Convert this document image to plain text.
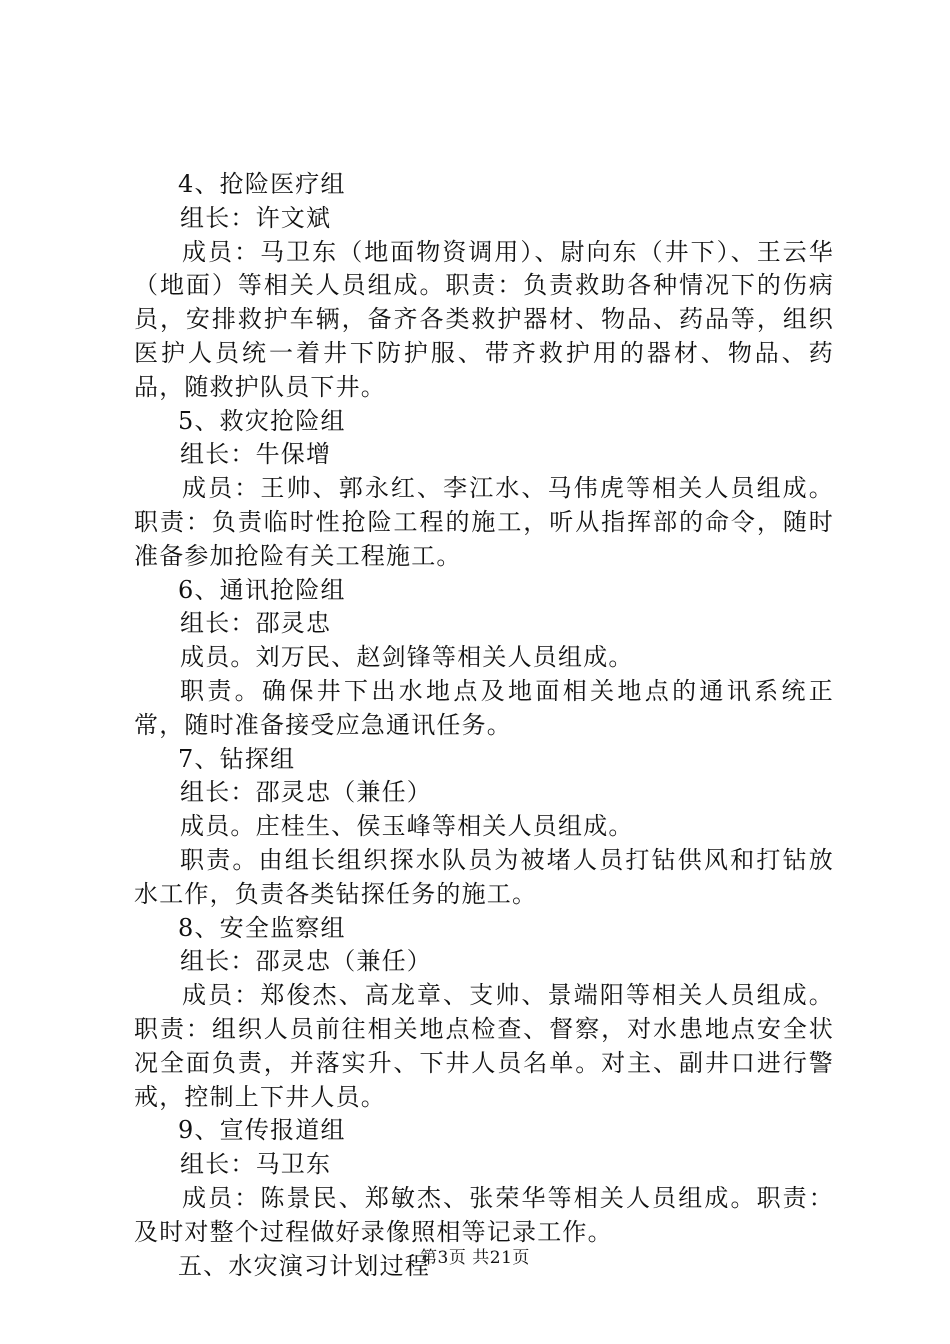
4、抢险医疗组

组长：许文斌

成员：马卫东（地面物资调用）、尉向东（井下）、王云华（地面）等相关人员组成。职责：负责救助各种情况下的伤病员，安排救护车辆，备齐各类救护器材、物品、药品等，组织医护人员统一着井下防护服、带齐救护用的器材、物品、药品，随救护队员下井。

5、救灾抢险组

组长：牛保增

成员：王帅、郭永红、李江水、马伟虎等相关人员组成。职责：负责临时性抢险工程的施工，听从指挥部的命令，随时准备参加抢险有关工程施工。

6、通讯抢险组

组长：邵灵忠

成员。刘万民、赵剑锋等相关人员组成。

职责。确保井下出水地点及地面相关地点的通讯系统正常，随时准备接受应急通讯任务。

7、钻探组

组长：邵灵忠（兼任）

成员。庄桂生、侯玉峰等相关人员组成。

职责。由组长组织探水队员为被堵人员打钻供风和打钻放水工作，负责各类钻探任务的施工。

8、安全监察组

组长：邵灵忠（兼任）

成员：郑俊杰、高龙章、支帅、景端阳等相关人员组成。职责：组织人员前往相关地点检查、督察，对水患地点安全状况全面负责，并落实升、下井人员名单。对主、副井口进行警戒，控制上下井人员。

9、宣传报道组

组长：马卫东

成员：陈景民、郑敏杰、张荣华等相关人员组成。职责：及时对整个过程做好录像照相等记录工作。

五、水灾演习计划过程

第3页 共21页
